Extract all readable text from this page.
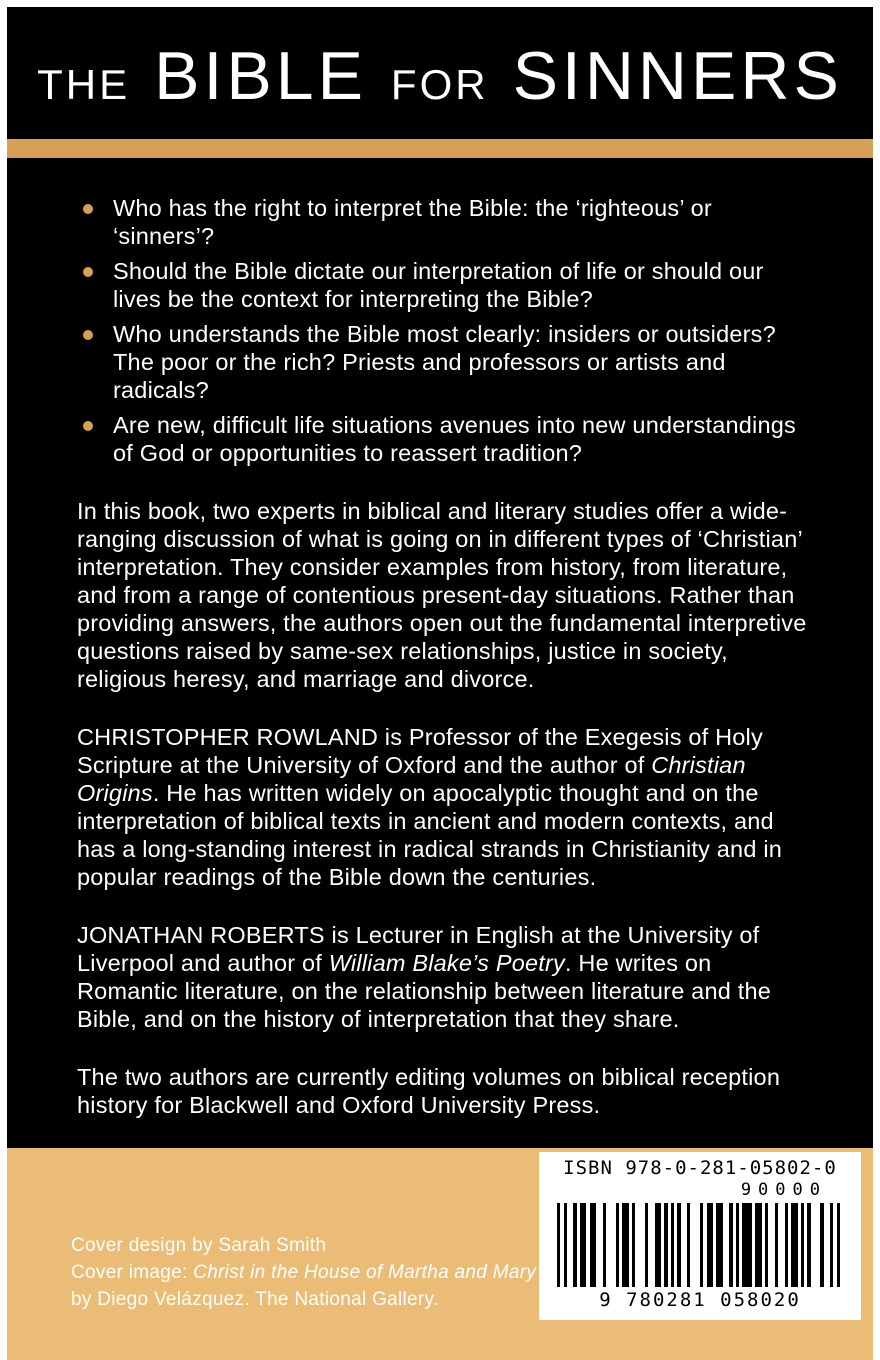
THE BIBLE FOR SINNERS
Who has the right to interpret the Bible: the ‘righteous’ or ‘sinners’?
Should the Bible dictate our interpretation of life or should our lives be the context for interpreting the Bible?
Who understands the Bible most clearly: insiders or outsiders? The poor or the rich? Priests and professors or artists and radicals?
Are new, difficult life situations avenues into new understandings of God or opportunities to reassert tradition?
In this book, two experts in biblical and literary studies offer a wide-ranging discussion of what is going on in different types of ‘Christian’ interpretation. They consider examples from history, from literature, and from a range of contentious present-day situations. Rather than providing answers, the authors open out the fundamental interpretive questions raised by same-sex relationships, justice in society, religious heresy, and marriage and divorce.
CHRISTOPHER ROWLAND is Professor of the Exegesis of Holy Scripture at the University of Oxford and the author of Christian Origins. He has written widely on apocalyptic thought and on the interpretation of biblical texts in ancient and modern contexts, and has a long-standing interest in radical strands in Christianity and in popular readings of the Bible down the centuries.
JONATHAN ROBERTS is Lecturer in English at the University of Liverpool and author of William Blake’s Poetry. He writes on Romantic literature, on the relationship between literature and the Bible, and on the history of interpretation that they share.
The two authors are currently editing volumes on biblical reception history for Blackwell and Oxford University Press.
Cover design by Sarah Smith
Cover image: Christ in the House of Martha and Mary
by Diego Velázquez. The National Gallery.
ISBN 978-0-281-05802-0
90000
9 780281 058020
